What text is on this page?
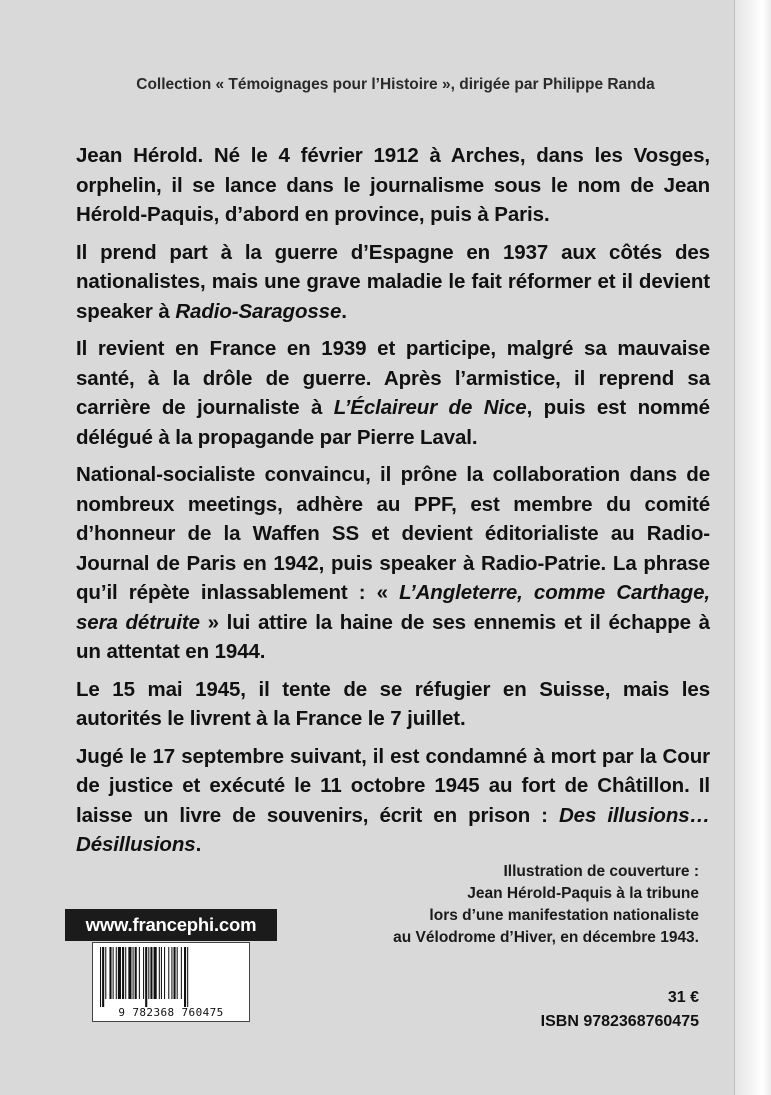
Collection « Témoignages pour l’Histoire », dirigée par Philippe Randa

Jean Hérold. Né le 4 février 1912 à Arches, dans les Vosges, orphelin, il se lance dans le journalisme sous le nom de Jean Hérold-Paquis, d’abord en province, puis à Paris.

Il prend part à la guerre d’Espagne en 1937 aux côtés des nationalistes, mais une grave maladie le fait réformer et il devient speaker à Radio-Saragosse.

Il revient en France en 1939 et participe, malgré sa mauvaise santé, à la drôle de guerre. Après l’armistice, il reprend sa carrière de journaliste à L’Éclaireur de Nice, puis est nommé délégué à la propagande par Pierre Laval.

National-socialiste convaincu, il prône la collaboration dans de nombreux meetings, adhère au PPF, est membre du comité d’honneur de la Waffen SS et devient éditorialiste au Radio-Journal de Paris en 1942, puis speaker à Radio-Patrie. La phrase qu’il répète inlassablement : « L’Angleterre, comme Carthage, sera détruite » lui attire la haine de ses ennemis et il échappe à un attentat en 1944.

Le 15 mai 1945, il tente de se réfugier en Suisse, mais les autorités le livrent à la France le 7 juillet.

Jugé le 17 septembre suivant, il est condamné à mort par la Cour de justice et exécuté le 11 octobre 1945 au fort de Châtillon. Il laisse un livre de souvenirs, écrit en prison : Des illusions… Désillusions.

Illustration de couverture :
Jean Hérold-Paquis à la tribune
lors d’une manifestation nationaliste
au Vélodrome d’Hiver, en décembre 1943.
www.francephi.com
9 782368 760475
31 €
ISBN 9782368760475
